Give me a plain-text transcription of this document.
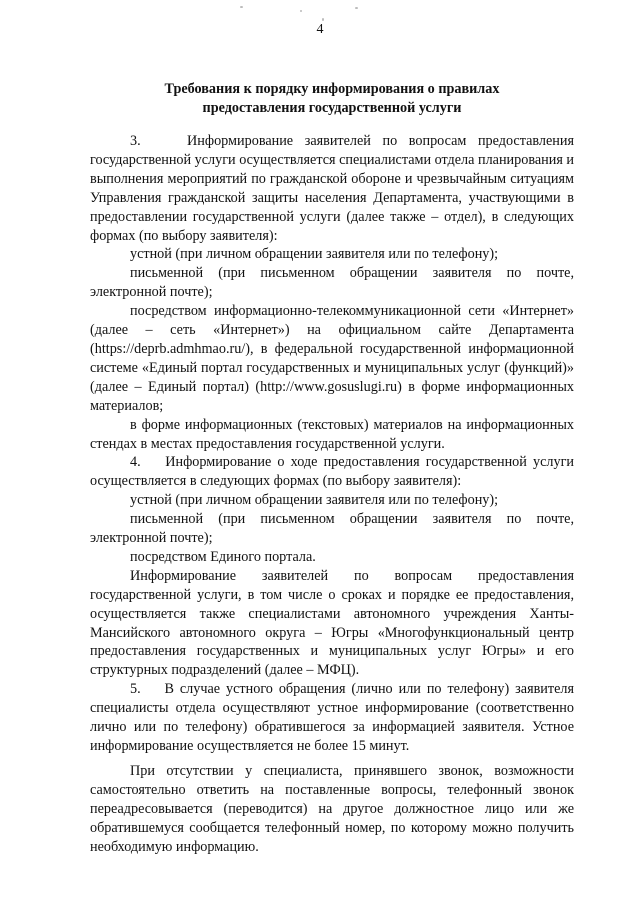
4
Требования к порядку информирования о правилах
предоставления государственной услуги

3.    Информирование заявителей по вопросам предоставления государственной услуги осуществляется специалистами отдела планирования и выполнения мероприятий по гражданской обороне и чрезвычайным ситуациям Управления гражданской защиты населения Департамента, участвующими в предоставлении государственной услуги (далее также – отдел), в следующих формах (по выбору заявителя):

устной (при личном обращении заявителя или по телефону);

письменной (при письменном обращении заявителя по почте, электронной почте);

посредством информационно-телекоммуникационной сети «Интернет» (далее – сеть «Интернет») на официальном сайте Департамента (https://deprb.admhmao.ru/), в федеральной государственной информационной системе «Единый портал государственных и муниципальных услуг (функций)» (далее – Единый портал) (http://www.gosuslugi.ru) в форме информационных материалов;

в форме информационных (текстовых) материалов на информационных стендах в местах предоставления государственной услуги.

4.    Информирование о ходе предоставления государственной услуги осуществляется в следующих формах (по выбору заявителя):

устной (при личном обращении заявителя или по телефону);

письменной (при письменном обращении заявителя по почте, электронной почте);

посредством Единого портала.

Информирование заявителей по вопросам предоставления государственной услуги, в том числе о сроках и порядке ее предоставления, осуществляется также специалистами автономного учреждения Ханты-Мансийского автономного округа – Югры «Многофункциональный центр предоставления государственных и муниципальных услуг Югры» и его структурных подразделений (далее – МФЦ).

5.    В случае устного обращения (лично или по телефону) заявителя специалисты отдела осуществляют устное информирование (соответственно лично или по телефону) обратившегося за информацией заявителя. Устное информирование осуществляется не более 15 минут.

При отсутствии у специалиста, принявшего звонок, возможности самостоятельно ответить на поставленные вопросы, телефонный звонок переадресовывается (переводится) на другое должностное лицо или же обратившемуся сообщается телефонный номер, по которому можно получить необходимую информацию.
